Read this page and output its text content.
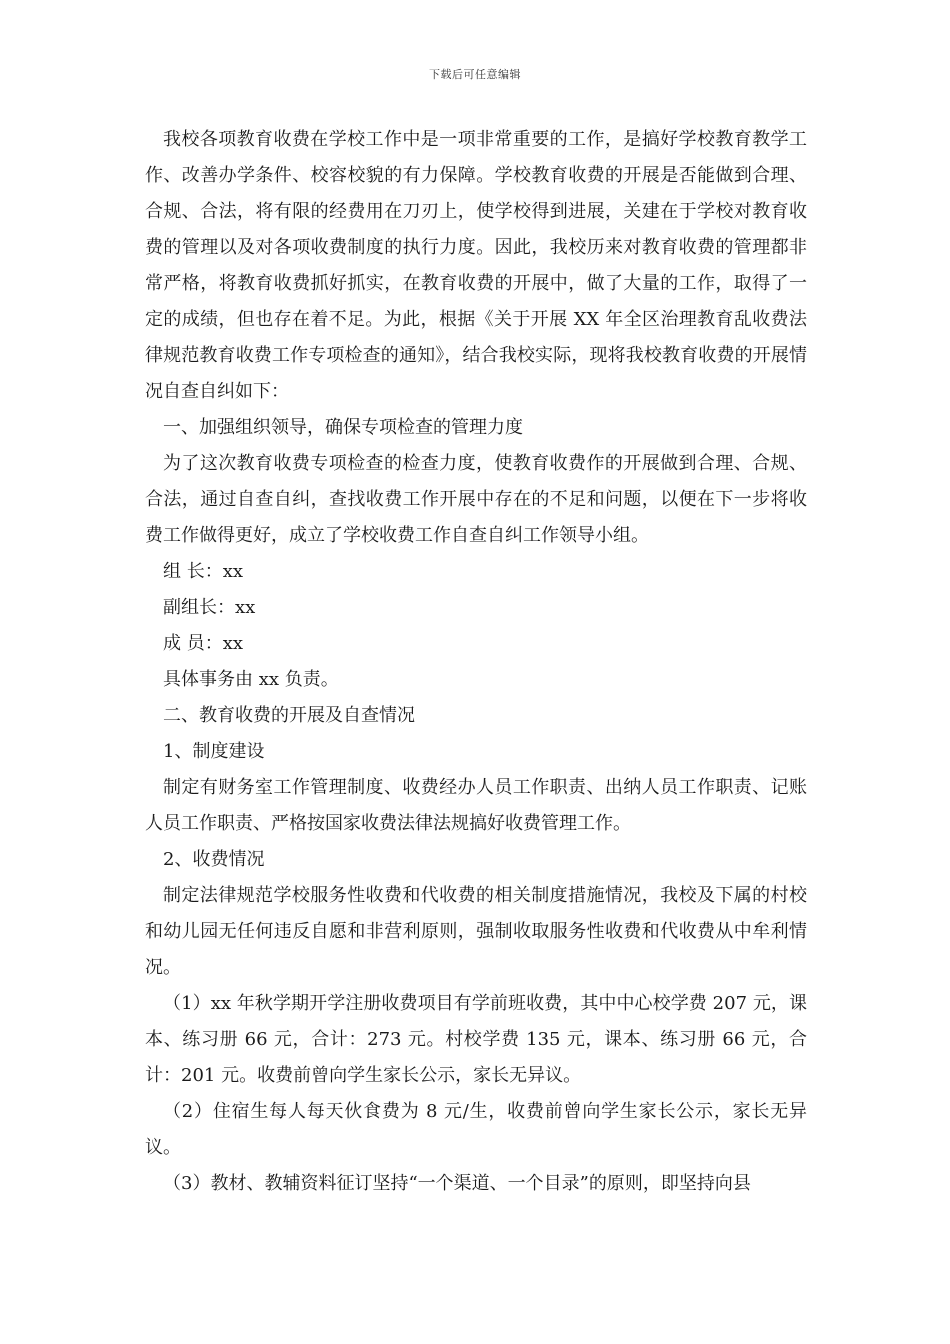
下载后可任意编辑

我校各项教育收费在学校工作中是一项非常重要的工作，是搞好学校教育教学工作、改善办学条件、校容校貌的有力保障。学校教育收费的开展是否能做到合理、合规、合法，将有限的经费用在刀刃上，使学校得到进展，关建在于学校对教育收费的管理以及对各项收费制度的执行力度。因此，我校历来对教育收费的管理都非常严格，将教育收费抓好抓实，在教育收费的开展中，做了大量的工作，取得了一定的成绩，但也存在着不足。为此，根据《关于开展 XX 年全区治理教育乱收费法律规范教育收费工作专项检查的通知》，结合我校实际，现将我校教育收费的开展情况自查自纠如下：

一、加强组织领导，确保专项检查的管理力度

为了这次教育收费专项检查的检查力度，使教育收费作的开展做到合理、合规、合法，通过自查自纠，查找收费工作开展中存在的不足和问题，以便在下一步将收费工作做得更好，成立了学校收费工作自查自纠工作领导小组。

组 长：xx

副组长：xx

成 员：xx

具体事务由 xx 负责。

二、教育收费的开展及自查情况

1、制度建设

制定有财务室工作管理制度、收费经办人员工作职责、出纳人员工作职责、记账人员工作职责、严格按国家收费法律法规搞好收费管理工作。

2、收费情况

制定法律规范学校服务性收费和代收费的相关制度措施情况，我校及下属的村校和幼儿园无任何违反自愿和非营利原则，强制收取服务性收费和代收费从中牟利情况。

（1）xx 年秋学期开学注册收费项目有学前班收费，其中中心校学费 207 元，课本、练习册 66 元，合计：273 元。村校学费 135 元，课本、练习册 66 元，合计：201 元。收费前曾向学生家长公示，家长无异议。

（2）住宿生每人每天伙食费为 8 元/生，收费前曾向学生家长公示，家长无异议。

（3）教材、教辅资料征订坚持“一个渠道、一个目录”的原则，即坚持向县
